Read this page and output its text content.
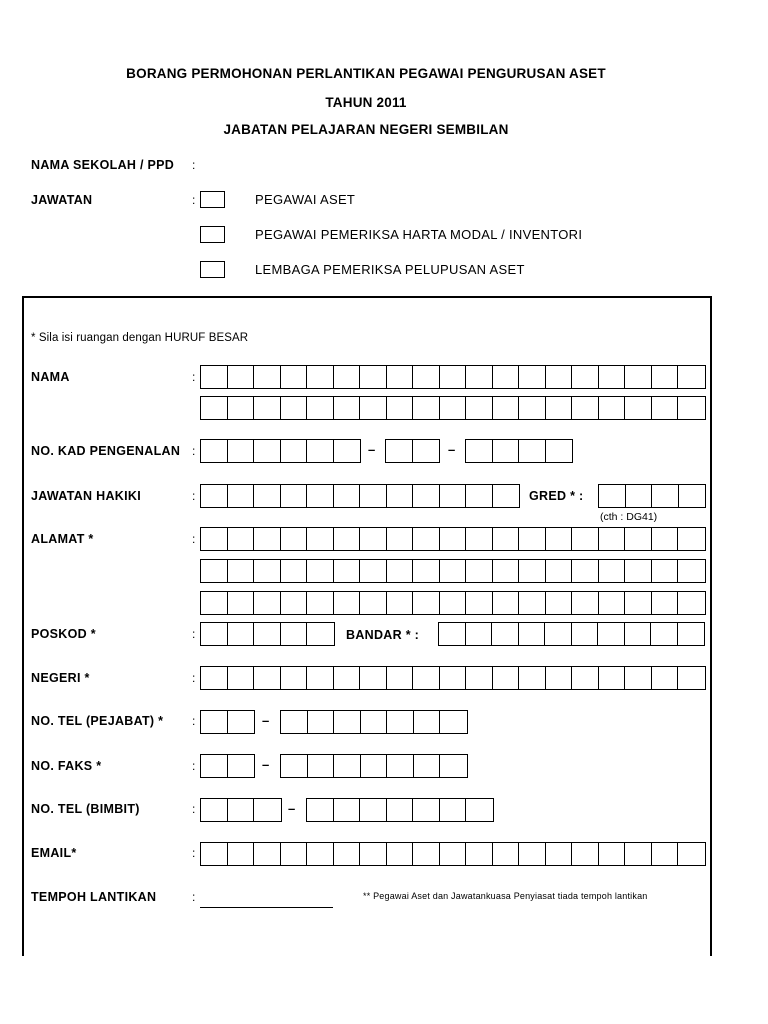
BORANG PERMOHONAN PERLANTIKAN PEGAWAI PENGURUSAN ASET
TAHUN 2011
JABATAN PELAJARAN NEGERI SEMBILAN
NAMA SEKOLAH / PPD :
JAWATAN	:	PEGAWAI ASET
PEGAWAI PEMERIKSA HARTA MODAL / INVENTORI
LEMBAGA PEMERIKSA PELUPUSAN ASET
* Sila isi ruangan dengan HURUF BESAR
NAMA	:
NO. KAD PENGENALAN :	–	–
JAWATAN HAKIKI	:	GRED * :
(cth : DG41)
ALAMAT *	:
POSKOD *	:	BANDAR * :
NEGERI *	:
NO. TEL (PEJABAT) * :	–
NO. FAKS *	:	–
NO. TEL (BIMBIT)	:	–
EMAIL*	:
TEMPOH LANTIKAN	:	** Pegawai Aset dan Jawatankuasa Penyiasat tiada tempoh lantikan
